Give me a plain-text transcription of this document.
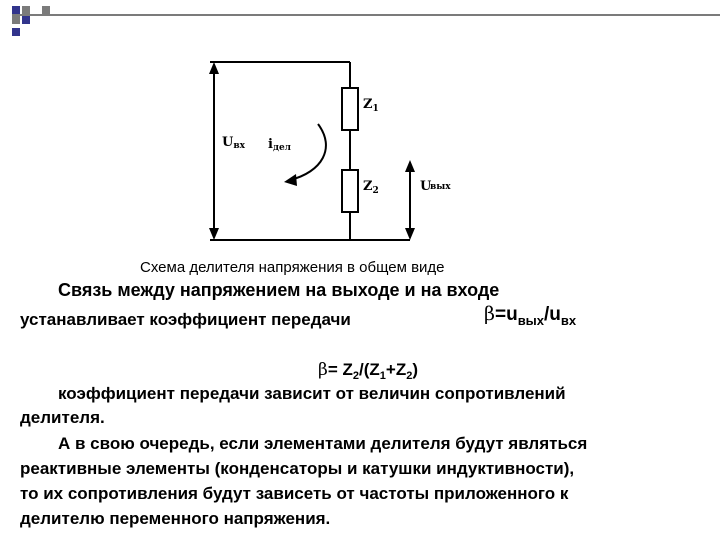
Uвх iдел
$Z_1$
$Z_2$	U
вых
Схема делителя напряжения в общем виде
Связь между напряжением на выходе и на входе
устанавливает коэффициент передачи	$\beta=u_{вых}/u_{вх}$
$\beta= Z_2/(Z_1+Z_2)$
коэффициент передачи зависит от величин сопротивлений
делителя.
А в свою очередь, если элементами делителя будут являться
реактивные элементы (конденсаторы и катушки индуктивности),
то их сопротивления будут зависеть от частоты приложенного к
делителю переменного напряжения.
